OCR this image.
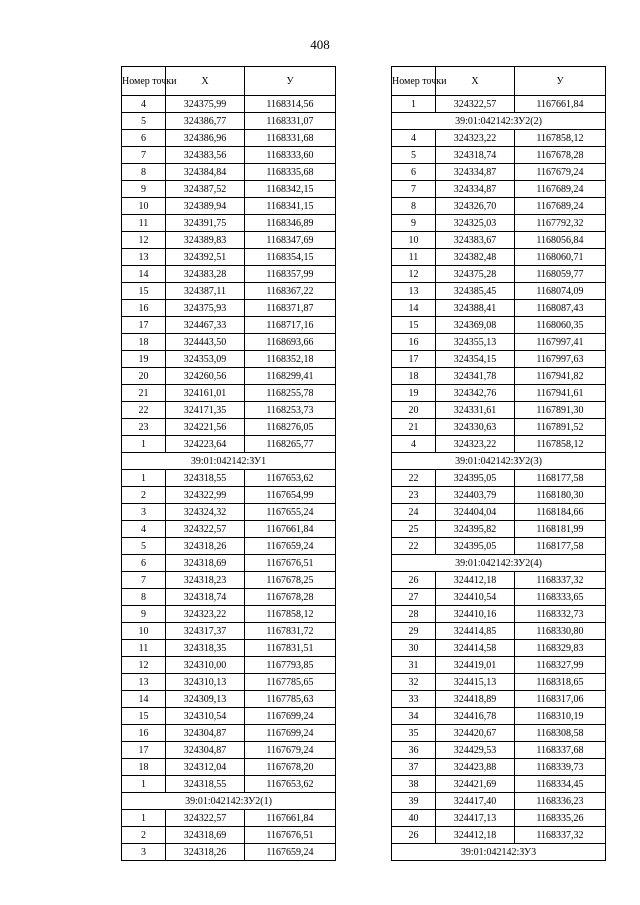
408
Номер точки	X	У
4	324375,99	1168314,56
5	324386,77	1168331,07
6	324386,96	1168331,68
7	324383,56	1168333,60
8	324384,84	1168335,68
9	324387,52	1168342,15
10	324389,94	1168341,15
11	324391,75	1168346,89
12	324389,83	1168347,69
13	324392,51	1168354,15
14	324383,28	1168357,99
15	324387,11	1168367,22
16	324375,93	1168371,87
17	324467,33	1168717,16
18	324443,50	1168693,66
19	324353,09	1168352,18
20	324260,56	1168299,41
21	324161,01	1168255,78
22	324171,35	1168253,73
23	324221,56	1168276,05
1	324223,64	1168265,77
39:01:042142:ЗУ1		
1	324318,55	1167653,62
2	324322,99	1167654,99
3	324324,32	1167655,24
4	324322,57	1167661,84
5	324318,26	1167659,24
6	324318,69	1167676,51
7	324318,23	1167678,25
8	324318,74	1167678,28
9	324323,22	1167858,12
10	324317,37	1167831,72
11	324318,35	1167831,51
12	324310,00	1167793,85
13	324310,13	1167785,65
14	324309,13	1167785,63
15	324310,54	1167699,24
16	324304,87	1167699,24
17	324304,87	1167679,24
18	324312,04	1167678,20
1	324318,55	1167653,62
39:01:042142:ЗУ2(1)		
1	324322,57	1167661,84
2	324318,69	1167676,51
3	324318,26	1167659,24
Номер точки	X	У
1	324322,57	1167661,84
39:01:042142:ЗУ2(2)		
4	324323,22	1167858,12
5	324318,74	1167678,28
6	324334,87	1167679,24
7	324334,87	1167689,24
8	324326,70	1167689,24
9	324325,03	1167792,32
10	324383,67	1168056,84
11	324382,48	1168060,71
12	324375,28	1168059,77
13	324385,45	1168074,09
14	324388,41	1168087,43
15	324369,08	1168060,35
16	324355,13	1167997,41
17	324354,15	1167997,63
18	324341,78	1167941,82
19	324342,76	1167941,61
20	324331,61	1167891,30
21	324330,63	1167891,52
4	324323,22	1167858,12
39:01:042142:ЗУ2(3)		
22	324395,05	1168177,58
23	324403,79	1168180,30
24	324404,04	1168184,66
25	324395,82	1168181,99
22	324395,05	1168177,58
39:01:042142:ЗУ2(4)		
26	324412,18	1168337,32
27	324410,54	1168333,65
28	324410,16	1168332,73
29	324414,85	1168330,80
30	324414,58	1168329,83
31	324419,01	1168327,99
32	324415,13	1168318,65
33	324418,89	1168317,06
34	324416,78	1168310,19
35	324420,67	1168308,58
36	324429,53	1168337,68
37	324423,88	1168339,73
38	324421,69	1168334,45
39	324417,40	1168336,23
40	324417,13	1168335,26
26	324412,18	1168337,32
39:01:042142:ЗУ3		
